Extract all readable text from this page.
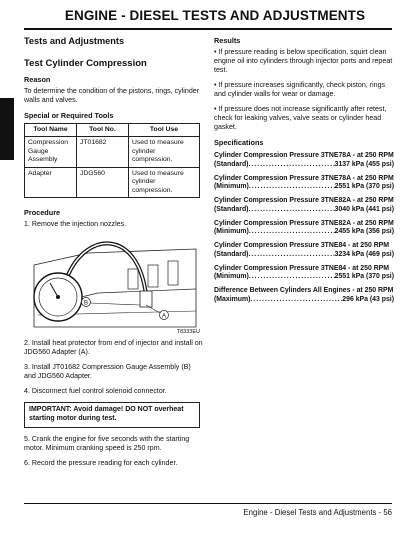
ENGINE - DIESEL TESTS AND ADJUSTMENTS
Tests and Adjustments
Test Cylinder Compression
Reason
To determine the condition of the pistons, rings, cylinder walls and valves.
Special or Required Tools
Tool Name	Tool No.	Tool Use
Compression Gauge Assembly	JT01682	Used to measure cylinder compression.
Adapter	JDG560	Used to measure cylinder compression.
Procedure
1. Remove the injection nozzles.
B
A
T8333EU
2. Install heat protector from end of injector and install on JDG560 Adapter (A).
3. Install JT01682 Compression Gauge Assembly (B) and JDG560 Adapter.
4. Disconnect fuel control solenoid connector.
IMPORTANT: Avoid damage! DO NOT overheat starting motor during test.
5. Crank the engine for five seconds with the starting motor. Minimum cranking speed is 250 rpm.
6. Record the pressure reading for each cylinder.
Results
• If pressure reading is below specification, squirt clean engine oil into cylinders through injector ports and repeat test.
• If pressure increases significantly, check piston, rings and cylinder walls for wear or damage.
• If pressure does not increase significantly after retest, check for leaking valves, valve seats or cylinder head gasket.
Specifications
Cylinder Compression Pressure 3TNE78A - at 250 RPM
(Standard) .....	3137 kPa (455 psi)
Cylinder Compression Pressure 3TNE78A - at 250 RPM
(Minimum) .....	2551 kPa (370 psi)
Cylinder Compression Pressure 3TNE82A - at 250 RPM
(Standard) .....	3040 kPa (441 psi)
Cylinder Compression Pressure 3TNE82A - at 250 RPM
(Minimum) .....	2455 kPa (356 psi)
Cylinder Compression Pressure 3TNE84 - at 250 RPM
(Standard) .....	3234 kPa (469 psi)
Cylinder Compression Pressure 3TNE84 - at 250 RPM
(Minimum) .....	2551 kPa (370 psi)
Difference Between Cylinders All Engines - at 250 RPM
(Maximum) .....	296 kPa (43 psi)
Engine - Diesel Tests and Adjustments - 56
